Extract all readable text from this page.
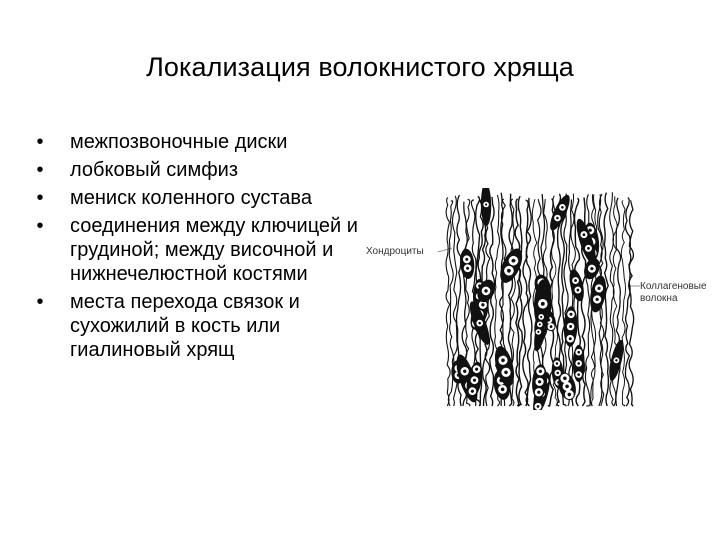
Локализация волокнистого хряща
•	межпозвоночные диски
•	лобковый симфиз
•	мениск коленного сустава
•	соединения между ключицей и грудиной; между височной и нижнечелюстной костями
•	места перехода связок и сухожилий в кость или гиалиновый хрящ
Хондроциты
Коллагеновые волокна
